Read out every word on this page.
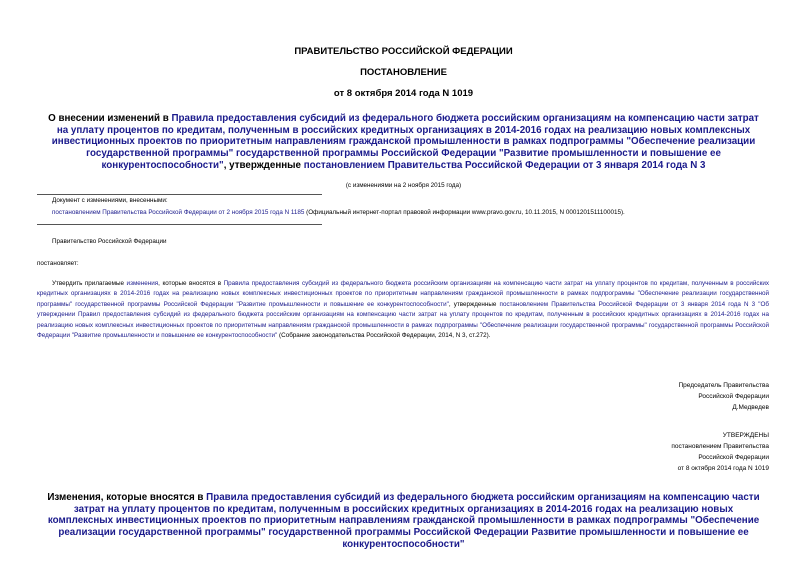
ПРАВИТЕЛЬСТВО РОССИЙСКОЙ ФЕДЕРАЦИИ
ПОСТАНОВЛЕНИЕ
от 8 октября 2014 года N 1019
О внесении изменений в Правила предоставления субсидий из федерального бюджета российским организациям на компенсацию части затрат на уплату процентов по кредитам, полученным в российских кредитных организациях в 2014-2016 годах на реализацию новых комплексных инвестиционных проектов по приоритетным направлениям гражданской промышленности в рамках подпрограммы "Обеспечение реализации государственной программы" государственной программы Российской Федерации "Развитие промышленности и повышение ее конкурентоспособности", утвержденные постановлением Правительства Российской Федерации от 3 января 2014 года N 3
(с изменениями на 2 ноября 2015 года)
Документ с изменениями, внесенными:
постановлением Правительства Российской Федерации от 2 ноября 2015 года N 1185 (Официальный интернет-портал правовой информации www.pravo.gov.ru, 10.11.2015, N 0001201511100015).
Правительство Российской Федерации
постановляет:
Утвердить прилагаемые изменения, которые вносятся в Правила предоставления субсидий из федерального бюджета российским организациям на компенсацию части затрат на уплату процентов по кредитам, полученным в российских кредитных организациях в 2014-2016 годах на реализацию новых комплексных инвестиционных проектов по приоритетным направлениям гражданской промышленности в рамках подпрограммы "Обеспечение реализации государственной программы" государственной программы Российской Федерации "Развитие промышленности и повышение ее конкурентоспособности", утвержденные постановлением Правительства Российской Федерации от 3 января 2014 года N 3 "Об утверждении Правил предоставления субсидий из федерального бюджета российским организациям на компенсацию части затрат на уплату процентов по кредитам, полученным в российских кредитных организациях в 2014-2016 годах на реализацию новых комплексных инвестиционных проектов по приоритетным направлениям гражданской промышленности в рамках подпрограммы "Обеспечение реализации государственной программы" государственной программы Российской Федерации "Развитие промышленности и повышение ее конкурентоспособности" (Собрание законодательства Российской Федерации, 2014, N 3, ст.272).
Председатель Правительства
Российской Федерации
Д.Медведев
УТВЕРЖДЕНЫ
постановлением Правительства
Российской Федерации
от 8 октября 2014 года N 1019
Изменения, которые вносятся в Правила предоставления субсидий из федерального бюджета российским организациям на компенсацию части затрат на уплату процентов по кредитам, полученным в российских кредитных организациях в 2014-2016 годах на реализацию новых комплексных инвестиционных проектов по приоритетным направлениям гражданской промышленности в рамках подпрограммы "Обеспечение реализации государственной программы" государственной программы Российской Федерации Развитие промышленности и повышение ее конкурентоспособности"
